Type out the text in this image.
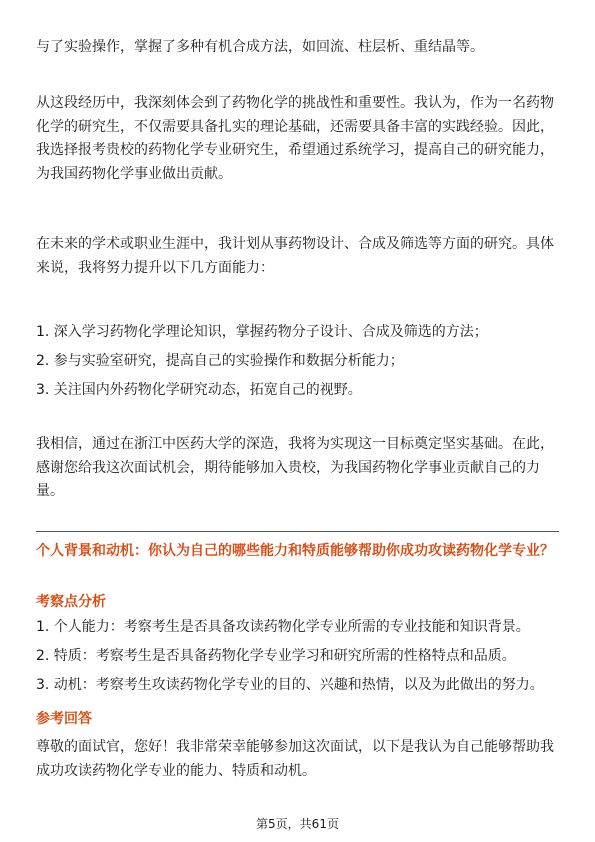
与了实验操作，掌握了多种有机合成方法，如回流、柱层析、重结晶等。

从这段经历中，我深刻体会到了药物化学的挑战性和重要性。我认为，作为一名药物化学的研究生，不仅需要具备扎实的理论基础，还需要具备丰富的实践经验。因此，我选择报考贵校的药物化学专业研究生，希望通过系统学习，提高自己的研究能力，为我国药物化学事业做出贡献。

在未来的学术或职业生涯中，我计划从事药物设计、合成及筛选等方面的研究。具体来说，我将努力提升以下几方面能力：

1. 深入学习药物化学理论知识，掌握药物分子设计、合成及筛选的方法；

2. 参与实验室研究，提高自己的实验操作和数据分析能力；

3. 关注国内外药物化学研究动态，拓宽自己的视野。

我相信，通过在浙江中医药大学的深造，我将为实现这一目标奠定坚实基础。在此，感谢您给我这次面试机会，期待能够加入贵校，为我国药物化学事业贡献自己的力量。

个人背景和动机：你认为自己的哪些能力和特质能够帮助你成功攻读药物化学专业？

考察点分析

1. 个人能力：考察考生是否具备攻读药物化学专业所需的专业技能和知识背景。

2. 特质：考察考生是否具备药物化学专业学习和研究所需的性格特点和品质。

3. 动机：考察考生攻读药物化学专业的目的、兴趣和热情，以及为此做出的努力。

参考回答

尊敬的面试官，您好！我非常荣幸能够参加这次面试，以下是我认为自己能够帮助我成功攻读药物化学专业的能力、特质和动机。

第5页，共61页
